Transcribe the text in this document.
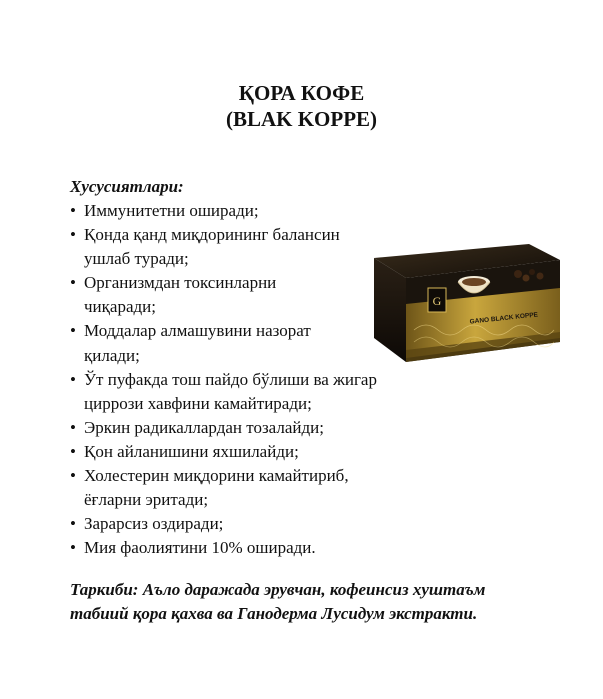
ҚОРА КОФЕ
(BLAK KOPPE)
Хусусиятлари:
• Иммунитетни оширади;
• Қонда қанд миқдорининг балансин
ушлаб туради;
• Организмдан токсинларни
чиқаради;
• Моддалар алмашувини назорат
қилади;
• Ўт пуфакда тош пайдо бўлиши ва жигар
циррози хавфини камайтиради;
• Эркин радикаллардан тозалайди;
• Қон айланишини яхшилайди;
• Холестерин миқдорини камайтириб,
ёғларни эритади;
• Зарарсиз оздиради;
• Мия фаолиятини 10% оширади.
Таркиби: Аъло даражада эрувчан, кофеинсиз хуштаъм
табиий қора қахва ва Ганодерма Лусидум экстракти.
G
GANO BLACK KOPPE
